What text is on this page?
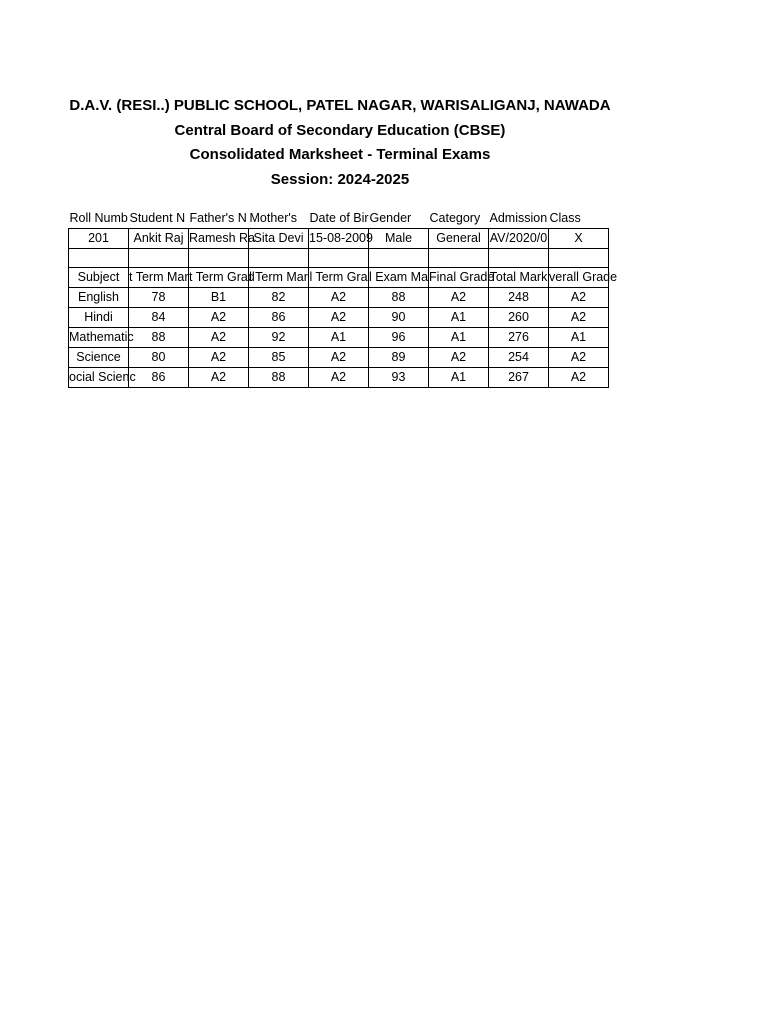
D.A.V. (RESI..) PUBLIC SCHOOL, PATEL NAGAR, WARISALIGANJ, NAWADA
Central Board of Secondary Education (CBSE)
Consolidated Marksheet - Terminal Exams
Session: 2024-2025
Roll Numb	Student N	Father's N	Mother's	Date of Bir	Gender	Category	Admission	Class
201	Ankit Raj	Ramesh Ra	Sita Devi	15-08-2009	Male	General	AV/2020/0	X

Subject	t Term Mar	t Term Grad	l Term Mar	l Term Gra	l Exam Ma	Final Grade	Total Mark	verall Grade
English	78	B1	82	A2	88	A2	248	A2
Hindi	84	A2	86	A2	90	A1	260	A2
Mathematic	88	A2	92	A1	96	A1	276	A1
Science	80	A2	85	A2	89	A2	254	A2
ocial Scienc	86	A2	88	A2	93	A1	267	A2
